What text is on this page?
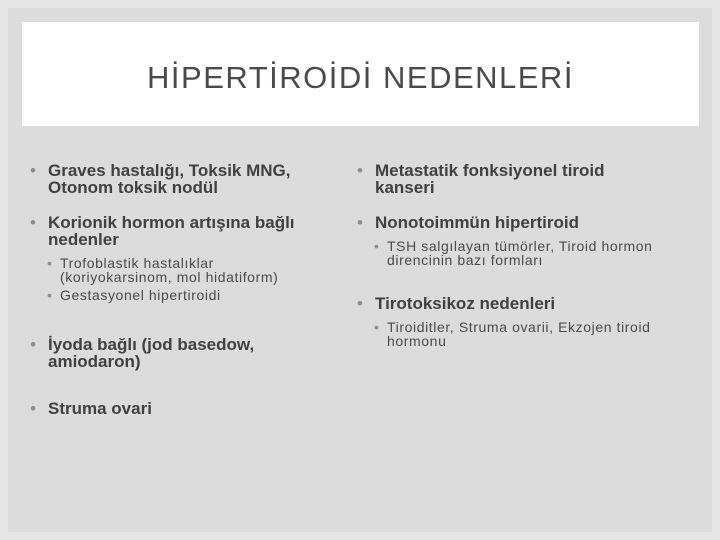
HİPERTİROİDİ NEDENLERİ
• Graves hastalığı, Toksik MNG, Otonom toksik nodül
• Korionik hormon artışına bağlı nedenler
• Trofoblastik hastalıklar (koriyokarsinom, mol hidatiform)
• Gestasyonel hipertiroidi
• İyoda bağlı (jod basedow, amiodaron)
• Struma ovari
• Metastatik fonksiyonel tiroid kanseri
• Nonotoimmün hipertiroid
• TSH salgılayan tümörler, Tiroid hormon direncinin bazı formları
• Tirotoksikoz nedenleri
• Tiroiditler, Struma ovarii, Ekzojen tiroid hormonu
